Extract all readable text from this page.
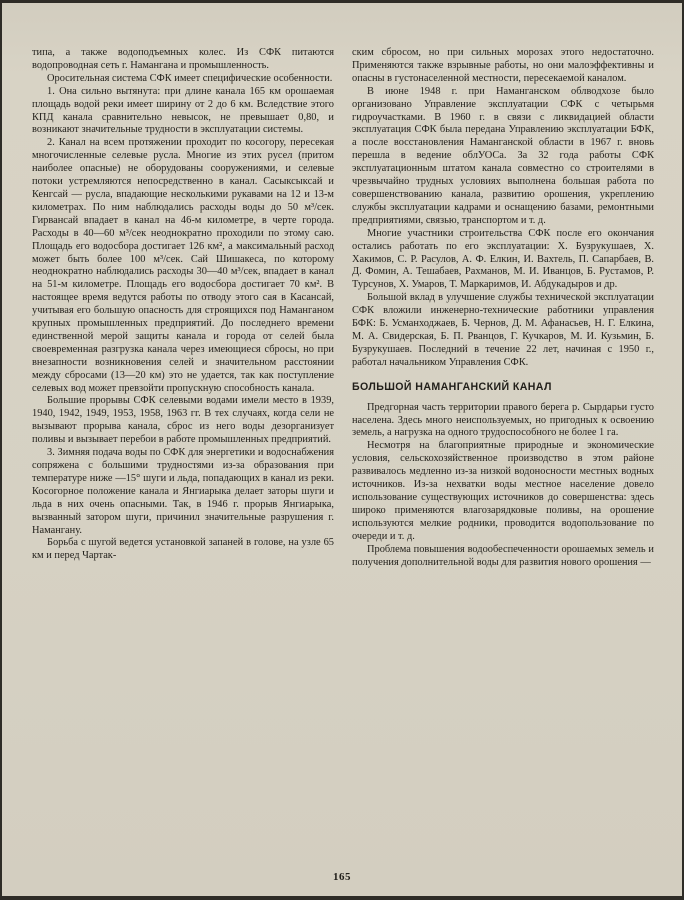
типа, а также водоподъемных колес. Из СФК питаются водопроводная сеть г. Намангана и промышленность.

Оросительная система СФК имеет специфические особенности.

1. Она сильно вытянута: при длине канала 165 км орошаемая площадь водой реки имеет ширину от 2 до 6 км. Вследствие этого КПД канала сравнительно невысок, не превышает 0,80, и возникают значительные трудности в эксплуатации системы.

2. Канал на всем протяжении проходит по косогору, пересекая многочисленные селевые русла. Многие из этих русел (притом наиболее опасные) не оборудованы сооружениями, и селевые потоки устремляются непосредственно в канал. Сасыксыксай и Кенгсай — русла, впадающие несколькими рукавами на 12 и 13-м километрах. По ним наблюдались расходы воды до 50 м³/сек. Гирвансай впадает в канал на 46-м километре, в черте города. Расходы в 40—60 м³/сек неоднократно проходили по этому саю. Площадь его водосбора достигает 126 км², а максимальный расход может быть более 100 м³/сек. Сай Шишакеса, по которому неоднократно наблюдались расходы 30—40 м³/сек, впадает в канал на 51-м километре. Площадь его водосбора достигает 70 км². В настоящее время ведутся работы по отводу этого сая в Касансай, учитывая его большую опасность для строящихся под Наманганом крупных промышленных предприятий. До последнего времени единственной мерой защиты канала и города от селей была своевременная разгрузка канала через имеющиеся сбросы, но при внезапности возникновения селей и значительном расстоянии между сбросами (13—20 км) это не удается, так как поступление селевых вод может превзойти пропускную способность канала.

Большие прорывы СФК селевыми водами имели место в 1939, 1940, 1942, 1949, 1953, 1958, 1963 гг. В тех случаях, когда сели не вызывают прорыва канала, сброс из него воды дезорганизует поливы и вызывает перебои в работе промышленных предприятий.

3. Зимняя подача воды по СФК для энергетики и водоснабжения сопряжена с большими трудностями из-за образования при температуре ниже —15° шуги и льда, попадающих в канал из реки. Косогорное положение канала и Янгиарыка делает заторы шуги и льда в них очень опасными. Так, в 1946 г. прорыв Янгиарыка, вызванный затором шуги, причинил значительные разрушения г. Намангану.

Борьба с шугой ведется установкой запаней в голове, на узле 65 км и перед Чартак-

ским сбросом, но при сильных морозах этого недостаточно. Применяются также взрывные работы, но они малоэффективны и опасны в густонаселенной местности, пересекаемой каналом.

В июне 1948 г. при Наманганском облводхозе было организовано Управление эксплуатации СФК с четырьмя гидроучастками. В 1960 г. в связи с ликвидацией области эксплуатация СФК была передана Управлению эксплуатации БФК, а после восстановления Наманганской области в 1967 г. вновь перешла в ведение облУОСа. За 32 года работы СФК эксплуатационным штатом канала совместно со строителями в чрезвычайно трудных условиях выполнена большая работа по совершенствованию канала, развитию орошения, укреплению службы эксплуатации кадрами и оснащению базами, ремонтными предприятиями, связью, транспортом и т. д.

Многие участники строительства СФК после его окончания остались работать по его эксплуатации: Х. Бузрукушаев, Х. Хакимов, С. Р. Расулов, А. Ф. Елкин, И. Вахтель, П. Сапарбаев, В. Д. Фомин, А. Тешабаев, Рахманов, М. И. Иванцов, Б. Рустамов, Р. Турсунов, Х. Умаров, Т. Маркаримов, И. Абдукадыров и др.

Большой вклад в улучшение службы технической эксплуатации СФК вложили инженерно-технические работники управления БФК: Б. Усманходжаев, Б. Чернов, Д. М. Афанасьев, Н. Г. Елкина, М. А. Свидерская, Б. П. Рванцов, Г. Кучкаров, М. И. Кузьмин, Б. Бузрукушаев. Последний в течение 22 лет, начиная с 1950 г., работал начальником Управления СФК.

БОЛЬШОЙ НАМАНГАНСКИЙ КАНАЛ

Предгорная часть территории правого берега р. Сырдарьи густо населена. Здесь много неиспользуемых, но пригодных к освоению земель, а нагрузка на одного трудоспособного не более 1 га.

Несмотря на благоприятные природные и экономические условия, сельскохозяйственное производство в этом районе развивалось медленно из-за низкой водоносности местных водных источников. Из-за нехватки воды местное население довело использование существующих источников до совершенства: здесь широко применяются влагозарядковые поливы, на орошение используются мелкие родники, проводится водопользование по очереди и т. д.

Проблема повышения водообеспеченности орошаемых земель и получения дополнительной воды для развития нового орошения —

165
